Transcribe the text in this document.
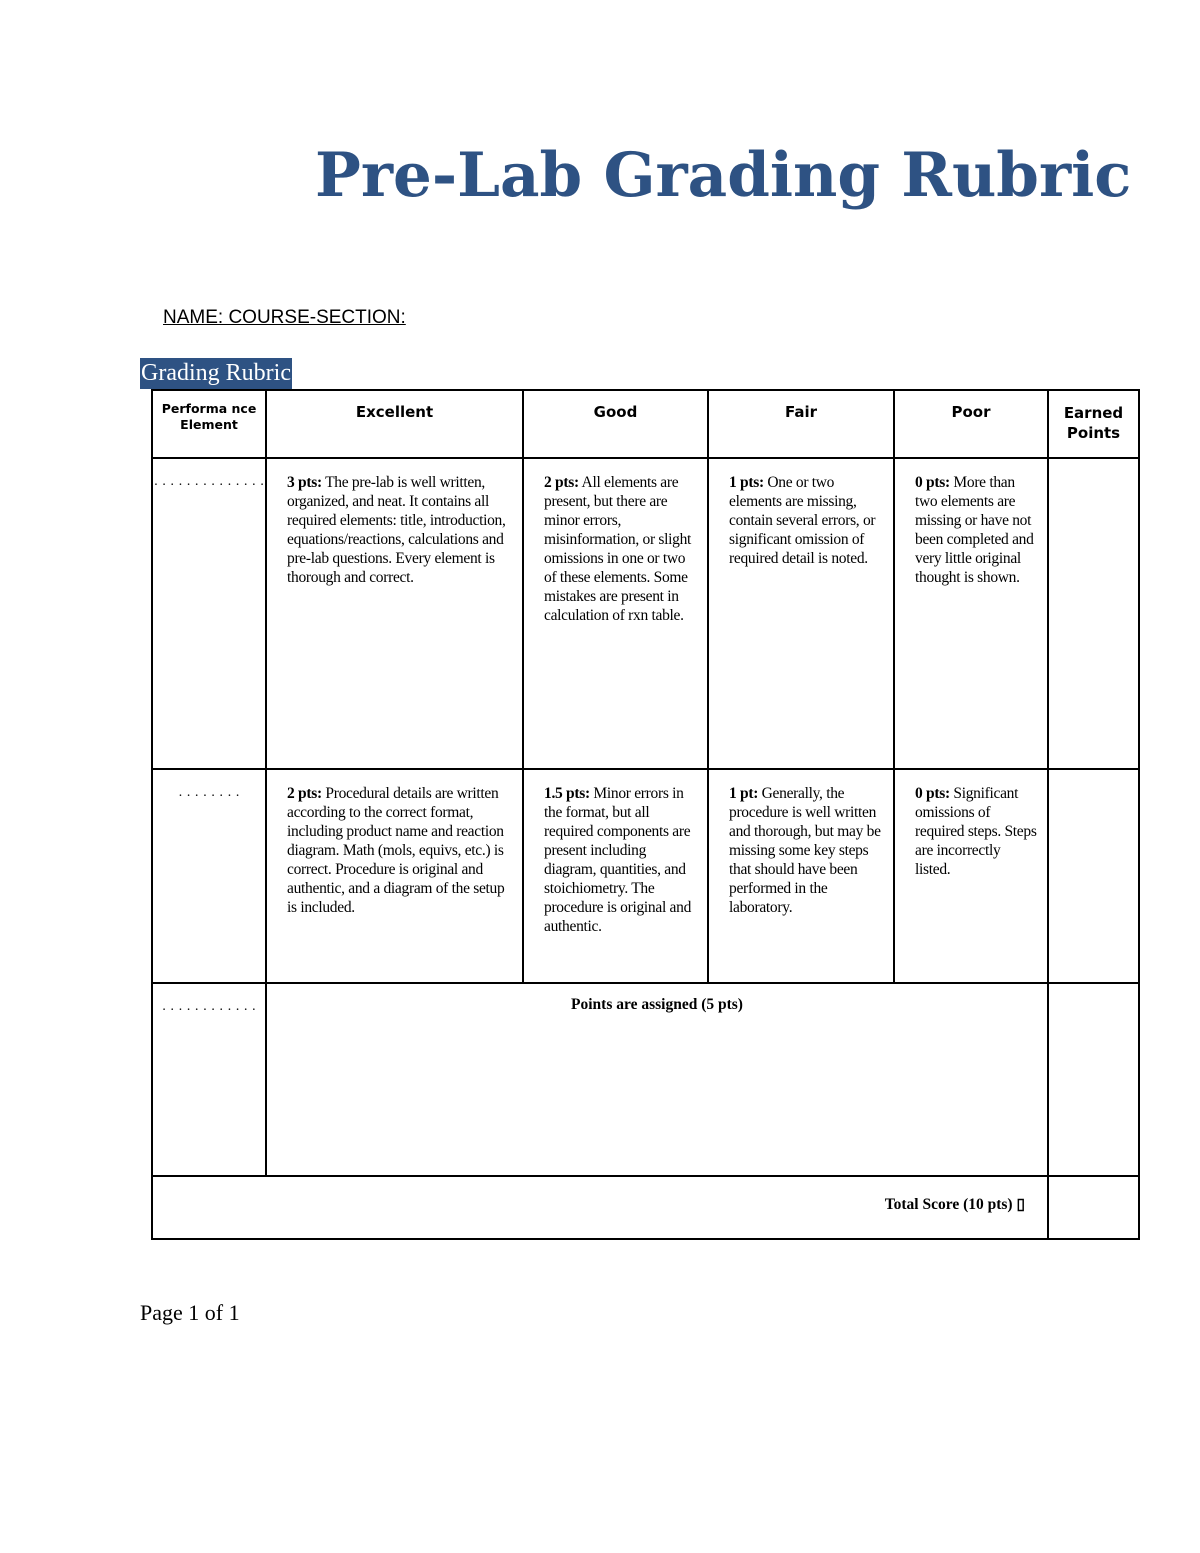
Pre-Lab Grading Rubric
NAME: COURSE-SECTION:
Grading Rubric
Performa nce Element	Excellent	Good	Fair	Poor	Earned Points

· · · · · · · · · · · · · ·	3 pts: The pre-lab is well written, organized, and neat. It contains all required elements: title, introduction, equations/reactions, calculations and pre-lab questions. Every element is thorough and correct.	2 pts: All elements are present, but there are minor errors, misinformation, or slight omissions in one or two of these elements. Some mistakes are present in calculation of rxn table.	1 pts: One or two elements are missing, contain several errors, or significant omission of required detail is noted.	0 pts: More than two elements are missing or have not been completed and very little original thought is shown.	

· · · · · · · ·	2 pts: Procedural details are written according to the correct format, including product name and reaction diagram. Math (mols, equivs, etc.) is correct. Procedure is original and authentic, and a diagram of the setup is included.	1.5 pts: Minor errors in the format, but all required components are present including diagram, quantities, and stoichiometry. The procedure is original and authentic.	1 pt: Generally, the procedure is well written and thorough, but may be missing some key steps that should have been performed in the laboratory.	0 pts: Significant omissions of required steps. Steps are incorrectly listed.	

· · · · · · · · · · · ·	Points are assigned (5 pts)				
Total Score (10 pts) ▯					
Page 1 of 1
